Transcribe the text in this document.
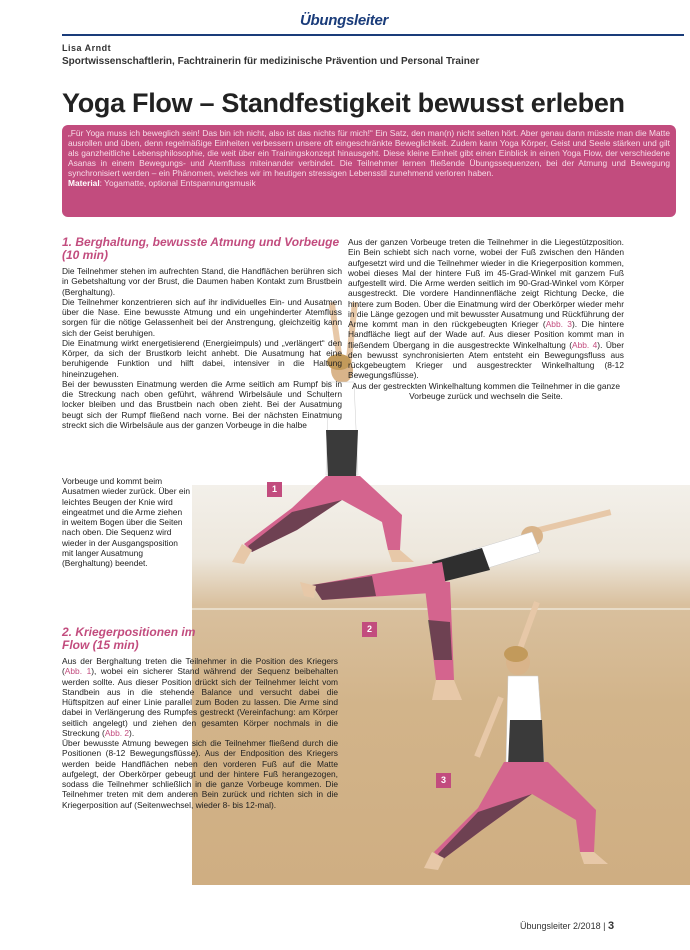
Übungsleiter
Lisa Arndt
Sportwissenschaftlerin, Fachtrainerin für medizinische Prävention und Personal Trainer
Yoga Flow – Standfestigkeit bewusst erleben
„Für Yoga muss ich beweglich sein! Das bin ich nicht, also ist das nichts für mich!“ Ein Satz, den man(n) nicht selten hört. Aber genau dann müsste man die Matte ausrollen und üben, denn regelmäßige Einheiten verbessern unsere oft eingeschränkte Beweglichkeit. Zudem kann Yoga Körper, Geist und Seele stärken und gilt als ganzheitliche Lebensphilosophie, die weit über ein Trainingskonzept hinausgeht. Diese kleine Einheit gibt einen Einblick in einen Yoga Flow, der verschiedene Asanas in einem Bewegungs- und Atemfluss miteinander verbindet. Die Teilnehmer lernen fließende Übungssequenzen, bei der Atmung und Bewegung synchronisiert werden – ein Phänomen, welches wir im heutigen stressigen Lebensstil zunehmend verloren haben.
Material: Yogamatte, optional Entspannungsmusik
1
2
3
1. Berghaltung, bewusste Atmung und Vorbeuge (10 min)

Die Teilnehmer stehen im aufrechten Stand, die Handflächen berühren sich in Gebetshaltung vor der Brust, die Daumen haben Kontakt zum Brustbein (Berghaltung).

Die Teilnehmer konzentrieren sich auf ihr individuelles Ein- und Ausatmen über die Nase. Eine bewusste Atmung und ein ungehinderter Atemfluss sorgen für die nötige Gelassenheit bei der Anstrengung, gleichzeitig kann sich der Geist beruhigen.

Die Einatmung wirkt energetisierend (Energieimpuls) und „verlängert“ den Körper, da sich der Brustkorb leicht anhebt. Die Ausatmung hat eine beruhigende Funktion und hilft dabei, intensiver in die Haltung hineinzugehen.

Bei der bewussten Einatmung werden die Arme seitlich am Rumpf bis in die Streckung nach oben geführt, während Wirbelsäule und Schultern locker bleiben und das Brustbein nach oben zieht. Bei der Ausatmung beugt sich der Rumpf fließend nach vorne. Bei der nächsten Einatmung streckt sich die Wirbelsäule aus der ganzen Vorbeuge in die halbe

Vorbeuge und kommt beim Ausatmen wieder zurück. Über ein leichtes Beugen der Knie wird eingeatmet und die Arme ziehen in weitem Bogen über die Seiten nach oben. Die Sequenz wird wieder in der Ausgangsposition mit langer Ausatmung (Berghaltung) beendet.

2. Kriegerpositionen im Flow (15 min)

Aus der Berghaltung treten die Teilnehmer in die Position des Kriegers (Abb. 1), wobei ein sicherer Stand während der Sequenz beibehalten werden sollte. Aus dieser Position drückt sich der Teilnehmer leicht vom Standbein aus in die stehende Balance und versucht dabei die Hüftspitzen auf einer Linie parallel zum Boden zu lassen. Die Arme sind dabei in Verlängerung des Rumpfes gestreckt (Vereinfachung: am Körper seitlich angelegt) und ziehen den gesamten Körper nochmals in die Streckung (Abb. 2).

Über bewusste Atmung bewegen sich die Teilnehmer fließend durch die Positionen (8-12 Bewegungsflüsse). Aus der Endposition des Kriegers werden beide Handflächen neben den vorderen Fuß auf die Matte aufgelegt, der Oberkörper gebeugt und der hintere Fuß herangezogen, sodass die Teilnehmer schließlich in die ganze Vorbeuge kommen. Die Teilnehmer treten mit dem anderen Bein zurück und richten sich in die Kriegerposition auf (Seitenwechsel, wieder 8- bis 12-mal).

Aus der ganzen Vorbeuge treten die Teilnehmer in die Liegestützposition. Ein Bein schiebt sich nach vorne, wobei der Fuß zwischen den Händen aufgesetzt wird und die Teilnehmer wieder in die Kriegerposition kommen, wobei dieses Mal der hintere Fuß im 45-Grad-Winkel mit ganzem Fuß aufgestellt wird. Die Arme werden seitlich im 90-Grad-Winkel vom Körper ausgestreckt. Die vordere Handinnenfläche zeigt Richtung Decke, die hintere zum Boden. Über die Einatmung wird der Oberkörper wieder mehr in die Länge gezogen und mit bewusster Ausatmung und Rückführung der Arme kommt man in den rückgebeugten Krieger (Abb. 3). Die hintere Handfläche liegt auf der Wade auf. Aus dieser Position kommt man in fließendem Übergang in die ausgestreckte Winkelhaltung (Abb. 4). Über den bewusst synchronisierten Atem entsteht ein Bewegungsfluss aus rückgebeugtem Krieger und ausgestreckter Winkelhaltung (8-12 Bewegungsflüsse).

Aus der gestreckten Winkelhaltung kommen die Teilnehmer in die ganze Vorbeuge zurück und wechseln die Seite.

Übungsleiter 2/2018 | 3
